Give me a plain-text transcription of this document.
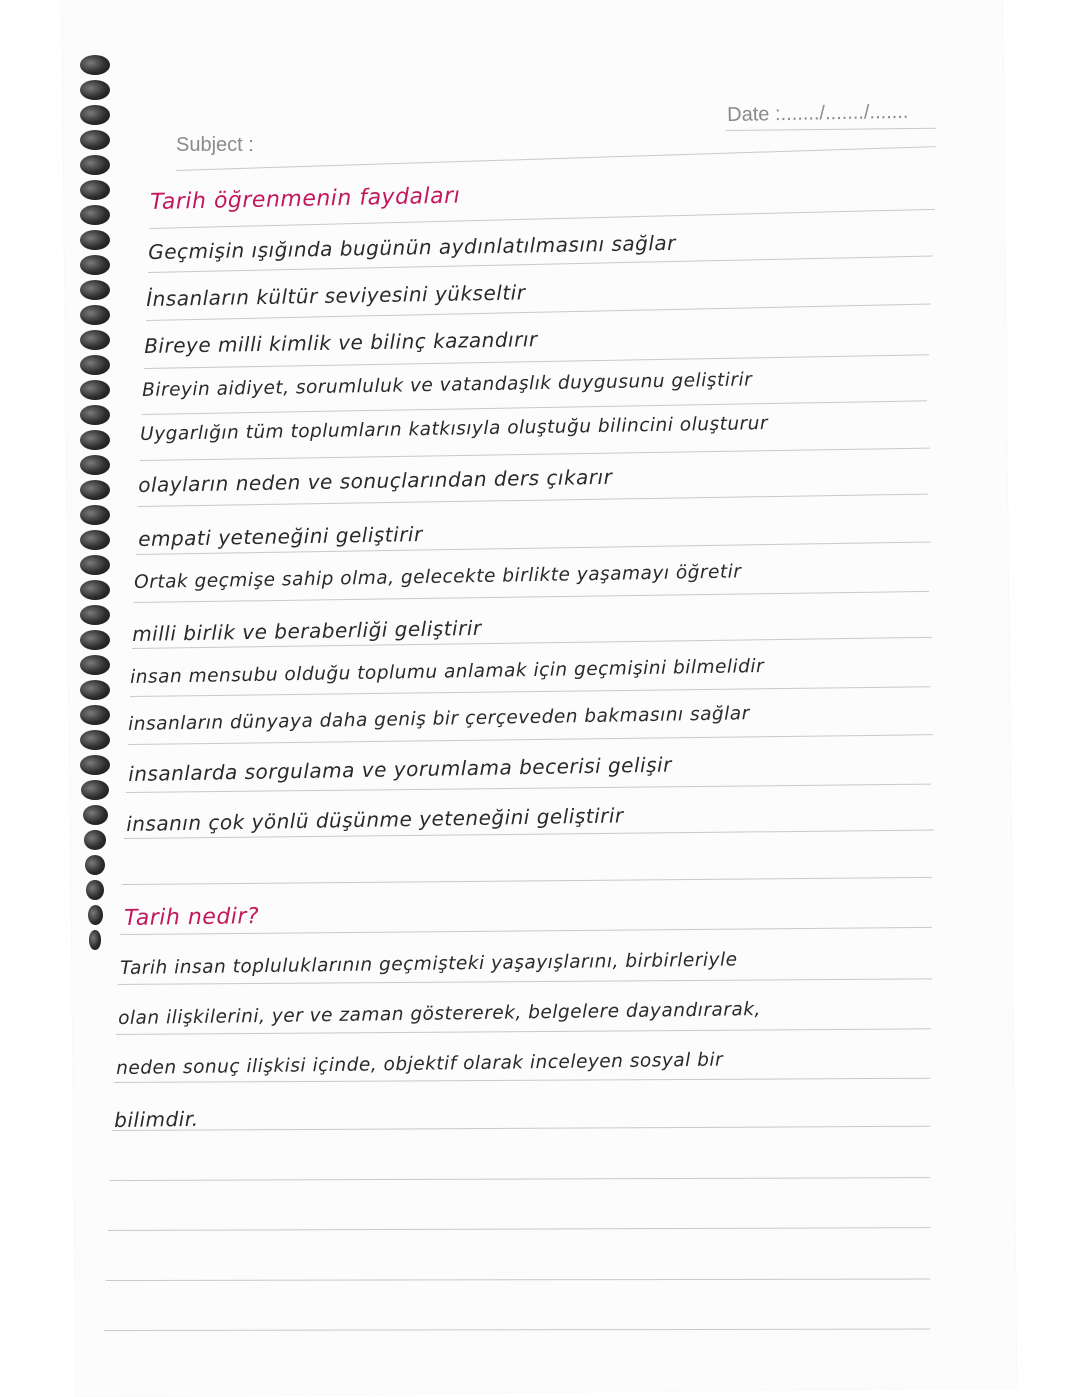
Subject :
Date :......./......./.......
Tarih öğrenmenin faydaları
Geçmişin ışığında bugünün aydınlatılmasını sağlar
İnsanların kültür seviyesini yükseltir
Bireye milli kimlik ve bilinç kazandırır
Bireyin aidiyet, sorumluluk ve vatandaşlık duygusunu geliştirir
Uygarlığın tüm toplumların katkısıyla oluştuğu bilincini oluşturur
olayların neden ve sonuçlarından ders çıkarır
empati yeteneğini geliştirir
Ortak geçmişe sahip olma, gelecekte birlikte yaşamayı öğretir
milli birlik ve beraberliği geliştirir
insan mensubu olduğu toplumu anlamak için geçmişini bilmelidir
insanların dünyaya daha geniş bir çerçeveden bakmasını sağlar
insanlarda sorgulama ve yorumlama becerisi gelişir
insanın çok yönlü düşünme yeteneğini geliştirir
Tarih nedir?
Tarih insan topluluklarının geçmişteki yaşayışlarını, birbirleriyle
olan ilişkilerini, yer ve zaman göstererek, belgelere dayandırarak,
neden sonuç ilişkisi içinde, objektif olarak inceleyen sosyal bir
bilimdir.
